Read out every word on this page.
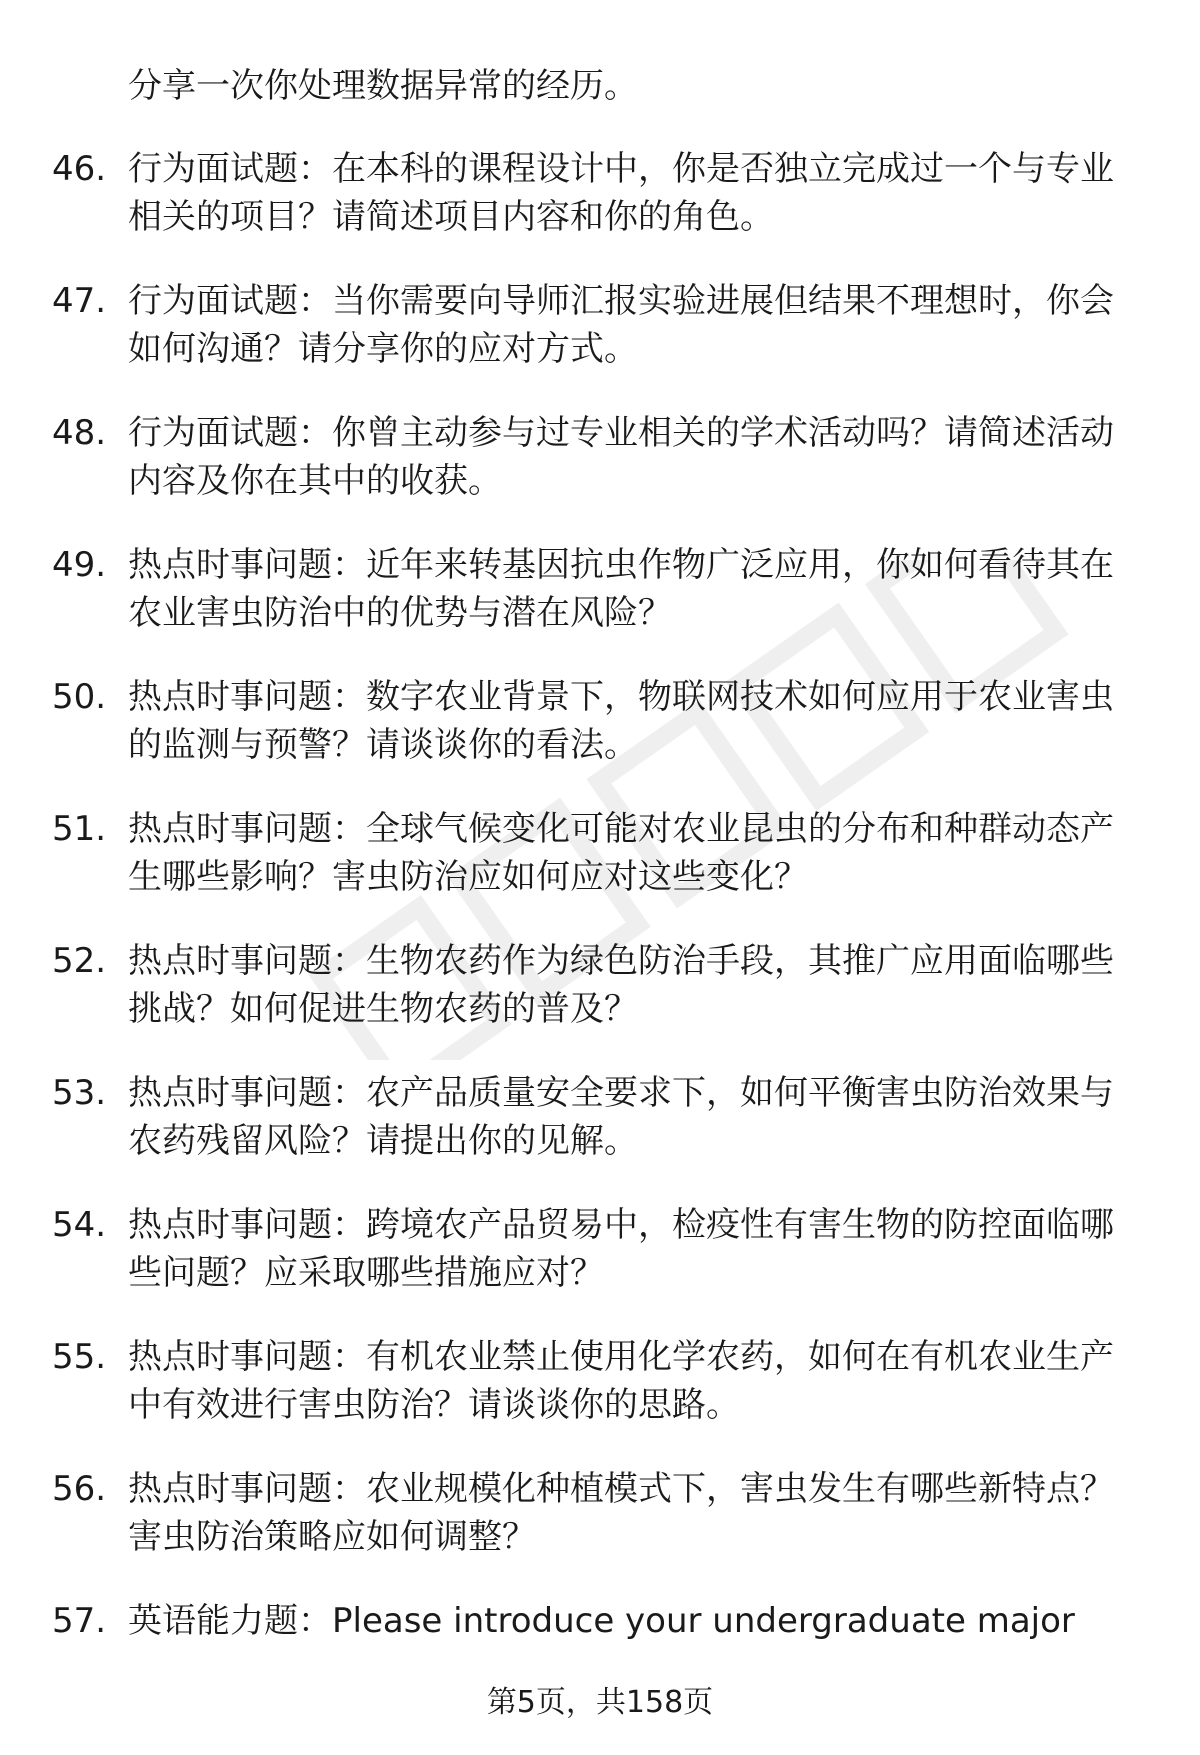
分享一次你处理数据异常的经历。

46. 行为面试题：在本科的课程设计中，你是否独立完成过一个与专业相关的项目？请简述项目内容和你的角色。
47. 行为面试题：当你需要向导师汇报实验进展但结果不理想时，你会如何沟通？请分享你的应对方式。
48. 行为面试题：你曾主动参与过专业相关的学术活动吗？请简述活动内容及你在其中的收获。
49. 热点时事问题：近年来转基因抗虫作物广泛应用，你如何看待其在农业害虫防治中的优势与潜在风险？
50. 热点时事问题：数字农业背景下，物联网技术如何应用于农业害虫的监测与预警？请谈谈你的看法。
51. 热点时事问题：全球气候变化可能对农业昆虫的分布和种群动态产生哪些影响？害虫防治应如何应对这些变化？
52. 热点时事问题：生物农药作为绿色防治手段，其推广应用面临哪些挑战？如何促进生物农药的普及？
53. 热点时事问题：农产品质量安全要求下，如何平衡害虫防治效果与农药残留风险？请提出你的见解。
54. 热点时事问题：跨境农产品贸易中，检疫性有害生物的防控面临哪些问题？应采取哪些措施应对？
55. 热点时事问题：有机农业禁止使用化学农药，如何在有机农业生产中有效进行害虫防治？请谈谈你的思路。
56. 热点时事问题：农业规模化种植模式下，害虫发生有哪些新特点？害虫防治策略应如何调整？
57. 英语能力题：Please introduce your undergraduate major
第5页，共158页
